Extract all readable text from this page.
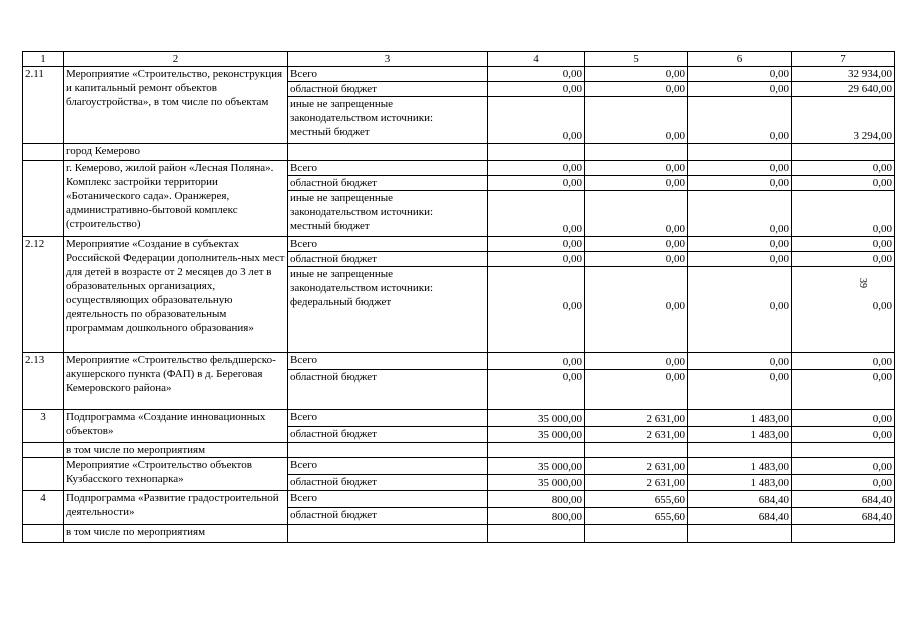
1	2	3	4	5	6	7
2.11	Мероприятие «Строительство, реконструкция и капитальный ремонт объектов благоустройства», в том числе по объектам	Всего	0,00	0,00	0,00	32 934,00
		областной бюджет	0,00	0,00	0,00	29 640,00

		иные не запрещенные
законодательством источники:
местный бюджет	0,00	0,00	0,00	3 294,00
	город Кемерово					
	г. Кемерово, жилой район «Лесная Поляна». Комплекс застройки территории «Ботанического сада». Оранжерея, административно-бытовой комплекс (строительство)	Всего	0,00	0,00	0,00	0,00
		областной бюджет	0,00	0,00	0,00	0,00

		иные не запрещенные
законодательством источники:
местный бюджет	0,00	0,00	0,00	0,00
2.12	Мероприятие «Создание в субъектах Российской Федерации дополнитель-ных мест для детей в возрасте от 2 месяцев до 3 лет в образовательных организациях, осуществляющих образовательную деятельность по образовательным программам дошкольного образования»	Всего	0,00	0,00	0,00	0,00
		областной бюджет	0,00	0,00	0,00	0,00

		иные не запрещенные
законодательством источники:
федеральный бюджет	0,00	0,00	0,00	0,00
2.13	Мероприятие «Строительство фельдшерско-акушерского пункта (ФАП) в д. Береговая Кемеровского района»	Всего	0,00	0,00	0,00	0,00
		областной бюджет	0,00	0,00	0,00	0,00
3	Подпрограмма «Создание инновационных объектов»	Всего	35 000,00	2 631,00	1 483,00	0,00
		областной бюджет	35 000,00	2 631,00	1 483,00	0,00
	в том числе по мероприятиям					
	Мероприятие «Строительство объектов Кузбасского технопарка»	Всего	35 000,00	2 631,00	1 483,00	0,00
		областной бюджет	35 000,00	2 631,00	1 483,00	0,00
4	Подпрограмма «Развитие градостроительной деятельности»	Всего	800,00	655,60	684,40	684,40
		областной бюджет	800,00	655,60	684,40	684,40
	в том числе по мероприятиям					
39
